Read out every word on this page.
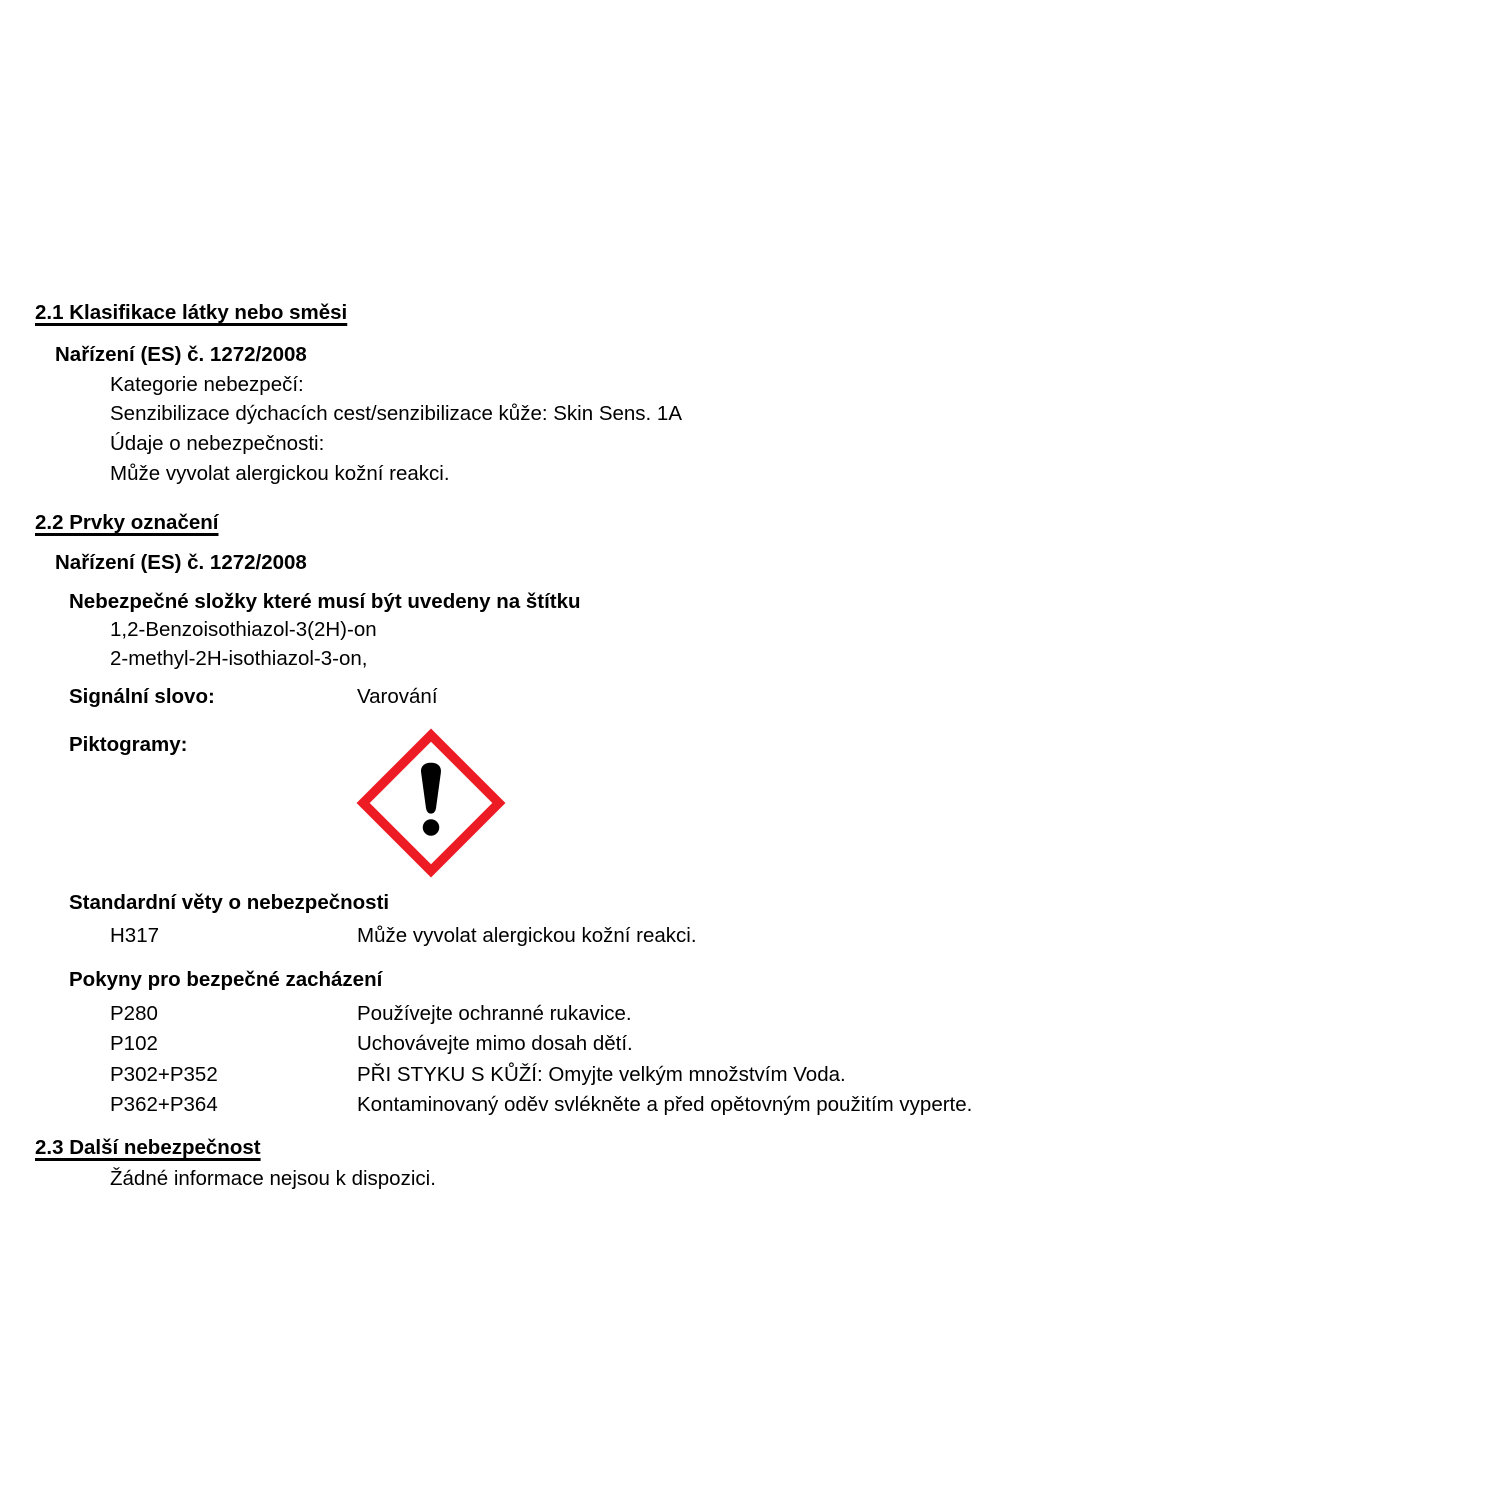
2.1 Klasifikace látky nebo směsi
Nařízení (ES) č. 1272/2008
Kategorie nebezpečí:
Senzibilizace dýchacích cest/senzibilizace kůže: Skin Sens. 1A
Údaje o nebezpečnosti:
Může vyvolat alergickou kožní reakci.
2.2 Prvky označení
Nařízení (ES) č. 1272/2008
Nebezpečné složky které musí být uvedeny na štítku
1,2-Benzoisothiazol-3(2H)-on
2-methyl-2H-isothiazol-3-on,
Signální slovo:	Varování
Piktogramy:
Standardní věty o nebezpečnosti
H317	Může vyvolat alergickou kožní reakci.
Pokyny pro bezpečné zacházení
P280	Používejte ochranné rukavice.
P102	Uchovávejte mimo dosah dětí.
P302+P352	PŘI STYKU S KŮŽÍ: Omyjte velkým množstvím Voda.
P362+P364	Kontaminovaný oděv svlékněte a před opětovným použitím vyperte.
2.3 Další nebezpečnost
Žádné informace nejsou k dispozici.
